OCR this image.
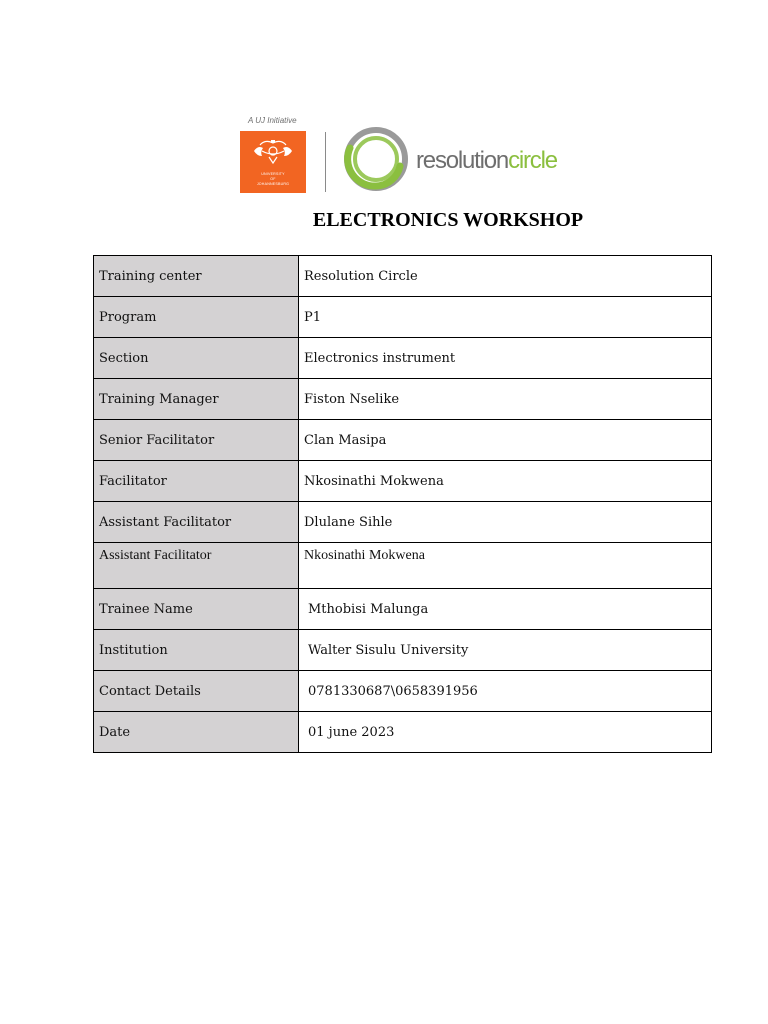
A UJ Initiative
UNIVERSITY
OF
JOHANNESBURG
resolutioncircle
ELECTRONICS WORKSHOP
Training center	Resolution Circle
Program	P1
Section	Electronics instrument
Training Manager	Fiston Nselike
Senior Facilitator	Clan Masipa
Facilitator	Nkosinathi Mokwena
Assistant Facilitator	Dlulane Sihle
Assistant Facilitator	Nkosinathi Mokwena
Trainee Name	Mthobisi Malunga
Institution	Walter Sisulu University
Contact Details	0781330687\0658391956
Date	01 june 2023
